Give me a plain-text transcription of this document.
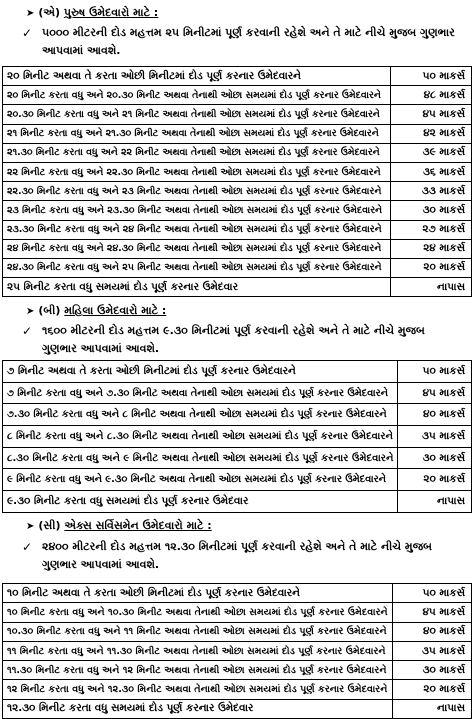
➤ (એ) પુરુષ ઉમેદવારો માટે :
✓ ૫૦૦૦ મીટરની દોડ મહત્તમ ૨૫ મિનીટમાં પૂર્ણ કરવાની રહેશે અને તે માટે નીચે મુજબ ગુણભાર આપવામાં આવશે.
૨૦ મિનીટ અથવા તે કરતા ઓછી મિનીટમાં દોડ પૂર્ણ કરનાર ઉમેદવારને	૫૦ માકર્સ
૨૦ મિનીટ કરતા વધુ અને ૨૦.૩૦ મિનીટ અથવા તેનાથી ઓછા સમયમાં દોડ પૂર્ણ કરનાર ઉમેદવારને	૪૮ માકર્સ
૨૦.૩૦ મિનીટ કરતા વધુ અને ૨૧ મિનીટ અથવા તેનાથી ઓછા સમયમાં દોડ પૂર્ણ કરનાર ઉમેદવારને	૪૫ માકર્સ
૨૧ મિનીટ કરતા વધુ અને ૨૧.૩૦ મિનીટ અથવા તેનાથી ઓછા સમયમાં દોડ પૂર્ણ કરનાર ઉમેદવારને	૪૨ માકર્સ
૨૧.૩૦ મિનીટ કરતા વધુ અને ૨૨ મિનીટ અથવા તેનાથી ઓછા સમયમાં દોડ પૂર્ણ કરનાર ઉમેદવારને	૩૯ માકર્સ
૨૨ મિનીટ કરતા વધુ અને ૨૨.૩૦ મિનીટ અથવા તેનાથી ઓછા સમયમાં દોડ પૂર્ણ કરનાર ઉમેદવારને	૩૬ માકર્સ
૨૨.૩૦ મિનીટ કરતા વધુ અને ૨૩ મિનીટ અથવા તેનાથી ઓછા સમયમાં દોડ પૂર્ણ કરનાર ઉમેદવારને	૩૩ માકર્સ
૨૩ મિનીટ કરતા વધુ અને ૨૩.૩૦ મિનીટ અથવા તેનાથી ઓછા સમયમાં દોડ પૂર્ણ કરનાર ઉમેદવારને	૩૦ માકર્સ
૨૩.૩૦ મિનીટ કરતા વધુ અને ૨૪ મિનીટ અથવા તેનાથી ઓછા સમયમાં દોડ પૂર્ણ કરનાર ઉમેદવારને	૨૭ માકર્સ
૨૪ મિનીટ કરતા વધુ અને ૨૪.૩૦ મિનીટ અથવા તેનાથી ઓછા સમયમાં દોડ પૂર્ણ કરનાર ઉમેદવારને	૨૪ માકર્સ
૨૪.૩૦ મિનીટ કરતા વધુ અને ૨૫ મિનીટ અથવા તેનાથી ઓછા સમયમાં દોડ પૂર્ણ કરનાર ઉમેદવારને	૨૦ માકર્સ
૨૫ મિનીટ કરતા વધુ સમયમાં દોડ પૂર્ણ કરનાર ઉમેદવાર	નાપાસ
➤ (બી) મહિલા ઉમેદવારો માટે :
✓ ૧૬૦૦ મીટરની દોડ મહત્તમ ૯.૩૦ મિનીટમાં પૂર્ણ કરવાની રહેશે અને તે માટે નીચે મુજબ ગુણભાર આપવામાં આવશે.
૭ મિનીટ અથવા તે કરતા ઓછી મિનીટમાં દોડ પૂર્ણ કરનાર ઉમેદવારને	૫૦ માકર્સ
૭ મિનીટ કરતા વધુ અને ૭.૩૦ મિનીટ અથવા તેનાથી ઓછા સમયમાં દોડ પૂર્ણ કરનાર ઉમેદવારને	૪૫ માકર્સ
૭.૩૦ મિનીટ કરતા વધુ અને ૮ મિનીટ અથવા તેનાથી ઓછા સમયમાં દોડ પૂર્ણ કરનાર ઉમેદવારને	૪૦ માકર્સ
૮ મિનીટ કરતા વધુ અને ૮.૩૦ મિનીટ અથવા તેનાથી ઓછા સમયમાં દોડ પૂર્ણ કરનાર ઉમેદવારને	૩૫ માકર્સ
૮.૩૦ મિનીટ કરતા વધુ અને ૯ મિનીટ અથવા તેનાથી ઓછા સમયમાં દોડ પૂર્ણ કરનાર ઉમેદવારને	૩૦ માકર્સ
૯ મિનીટ કરતા વધુ અને ૯.૩૦ મિનીટ અથવા તેનાથી ઓછા સમયમાં દોડ પૂર્ણ કરનાર ઉમેદવારને	૨૦ માકર્સ
૯.૩૦ મિનીટ કરતા વધુ સમયમાં દોડ પૂર્ણ કરનાર ઉમેદવાર	નાપાસ
➤ (સી) એક્સ સર્વિસમેન ઉમેદવારો માટે :
✓ ૨૪૦૦ મીટરની દોડ મહત્તમ ૧૨.૩૦ મિનીટમાં પૂર્ણ કરવાની રહેશે અને તે માટે નીચે મુજબ ગુણભાર આપવામાં આવશે.
૧૦ મિનીટ અથવા તે કરતા ઓછી મિનીટમાં દોડ પૂર્ણ કરનાર ઉમેદવારને	૫૦ માકર્સ
૧૦ મિનીટ કરતા વધુ અને ૧૦.૩૦ મિનીટ અથવા તેનાથી ઓછા સમયમાં દોડ પૂર્ણ કરનાર ઉમેદવારને	૪૫ માકર્સ
૧૦.૩૦ મિનીટ કરતા વધુ અને ૧૧ મિનીટ અથવા તેનાથી ઓછા સમયમાં દોડ પૂર્ણ કરનાર ઉમેદવારને	૪૦ માકર્સ
૧૧ મિનીટ કરતા વધુ અને ૧૧.૩૦ મિનીટ અથવા તેનાથી ઓછા સમયમાં દોડ પૂર્ણ કરનાર ઉમેદવારને	૩૫ માકર્સ
૧૧.૩૦ મિનીટ કરતા વધુ અને ૧૨ મિનીટ અથવા તેનાથી ઓછા સમયમાં દોડ પૂર્ણ કરનાર ઉમેદવારને	૩૦ માકર્સ
૧૨ મિનીટ કરતા વધુ અને ૧૨.૩૦ મિનીટ અથવા તેનાથી ઓછા સમયમાં દોડ પૂર્ણ કરનાર ઉમેદવારને	૨૦ માકર્સ
૧૨.૩૦ મિનીટ કરતા વધુ સમયમાં દોડ પૂર્ણ કરનાર ઉમેદવાર	નાપાસ
